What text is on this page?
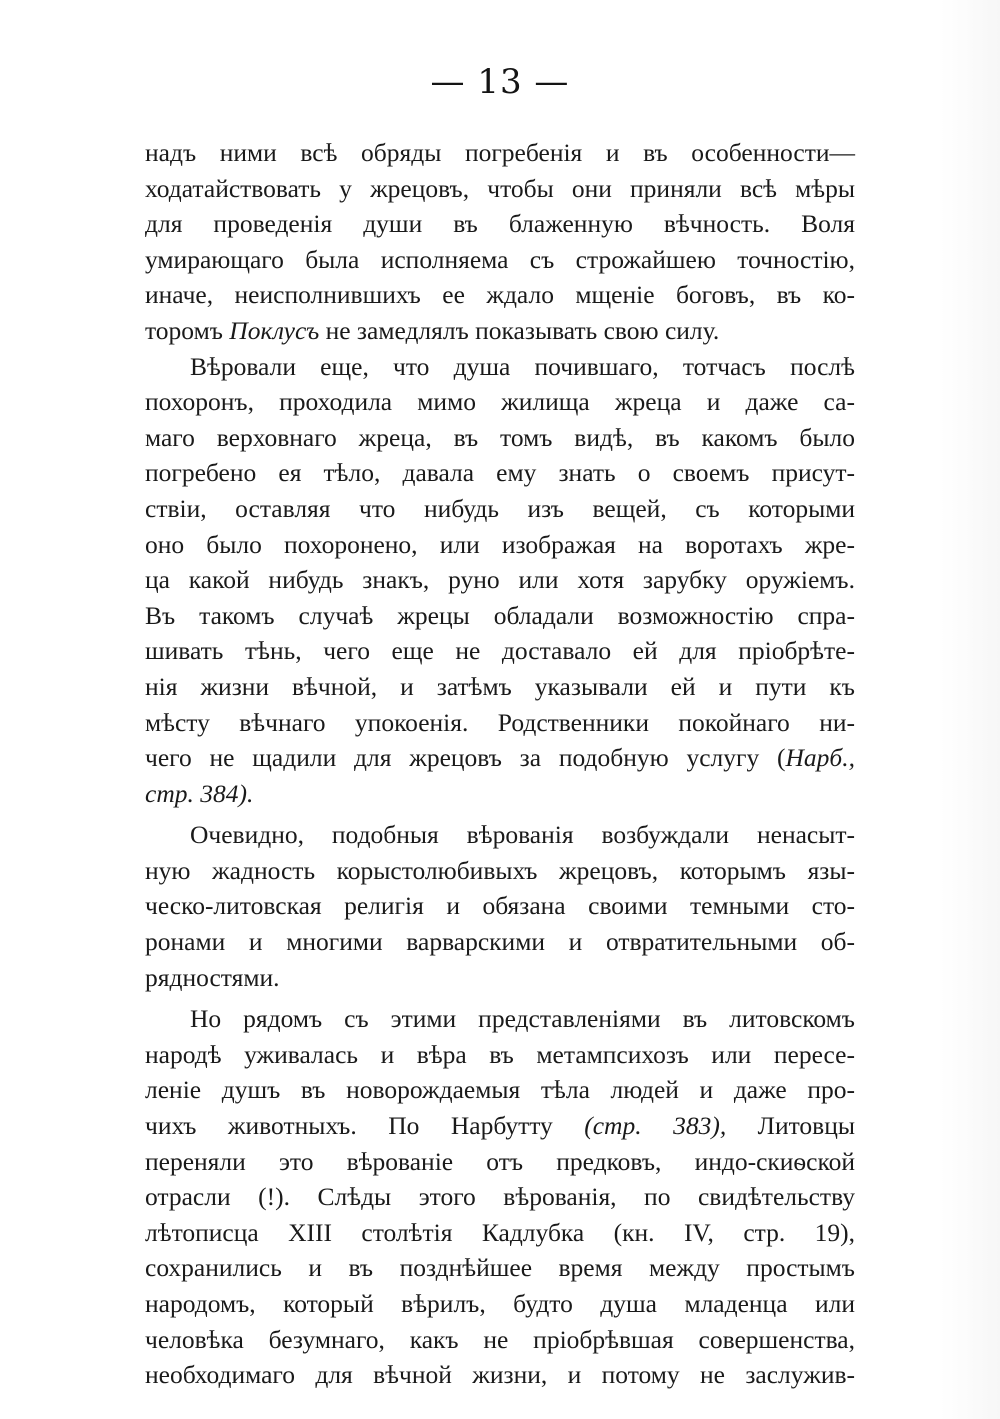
— 13 —
надъ ними всѣ обряды погребенія и въ особенности—
ходатайствовать у жрецовъ, чтобы они приняли всѣ мѣры
для проведенія души въ блаженную вѣчность. Воля
умирающаго была исполняема съ строжайшею точностію,
иначе, неисполнившихъ ее ждало мщеніе боговъ, въ ко-
торомъ Поклусъ не замедлялъ показывать свою силу.
Вѣровали еще, что душа почившаго, тотчасъ послѣ
похоронъ, проходила мимо жилища жреца и даже са-
маго верховнаго жреца, въ томъ видѣ, въ какомъ было
погребено ея тѣло, давала ему знать о своемъ присут-
ствіи, оставляя что нибудь изъ вещей, съ которыми
оно было похоронено, или изображая на воротахъ жре-
ца какой нибудь знакъ, руно или хотя зарубку оружіемъ.
Въ такомъ случаѣ жрецы обладали возможностію спра-
шивать тѣнь, чего еще не доставало ей для пріобрѣте-
нія жизни вѣчной, и затѣмъ указывали ей и пути къ
мѣсту вѣчнаго упокоенія. Родственники покойнаго ни-
чего не щадили для жрецовъ за подобную услугу (Нарб.,
стр. 384).
Очевидно, подобныя вѣрованія возбуждали ненасыт-
ную жадность корыстолюбивыхъ жрецовъ, которымъ язы-
ческо-литовская религія и обязана своими темными сто-
ронами и многими варварскими и отвратительными об-
рядностями.
Но рядомъ съ этими представленіями въ литовскомъ
народѣ уживалась и вѣра въ метампсихозъ или пересе-
леніе душъ въ новорождаемыя тѣла людей и даже про-
чихъ животныхъ. По Нарбутту (стр. 383), Литовцы
переняли это вѣрованіе отъ предковъ, индо-скиѳской
отрасли (!). Слѣды этого вѣрованія, по свидѣтельству
лѣтописца XIII столѣтія Кадлубка (кн. IV, стр. 19),
сохранились и въ позднѣйшее время между простымъ
народомъ, который вѣрилъ, будто душа младенца или
человѣка безумнаго, какъ не пріобрѣвшая совершенства,
необходимаго для вѣчной жизни, и потому не заслужив-
